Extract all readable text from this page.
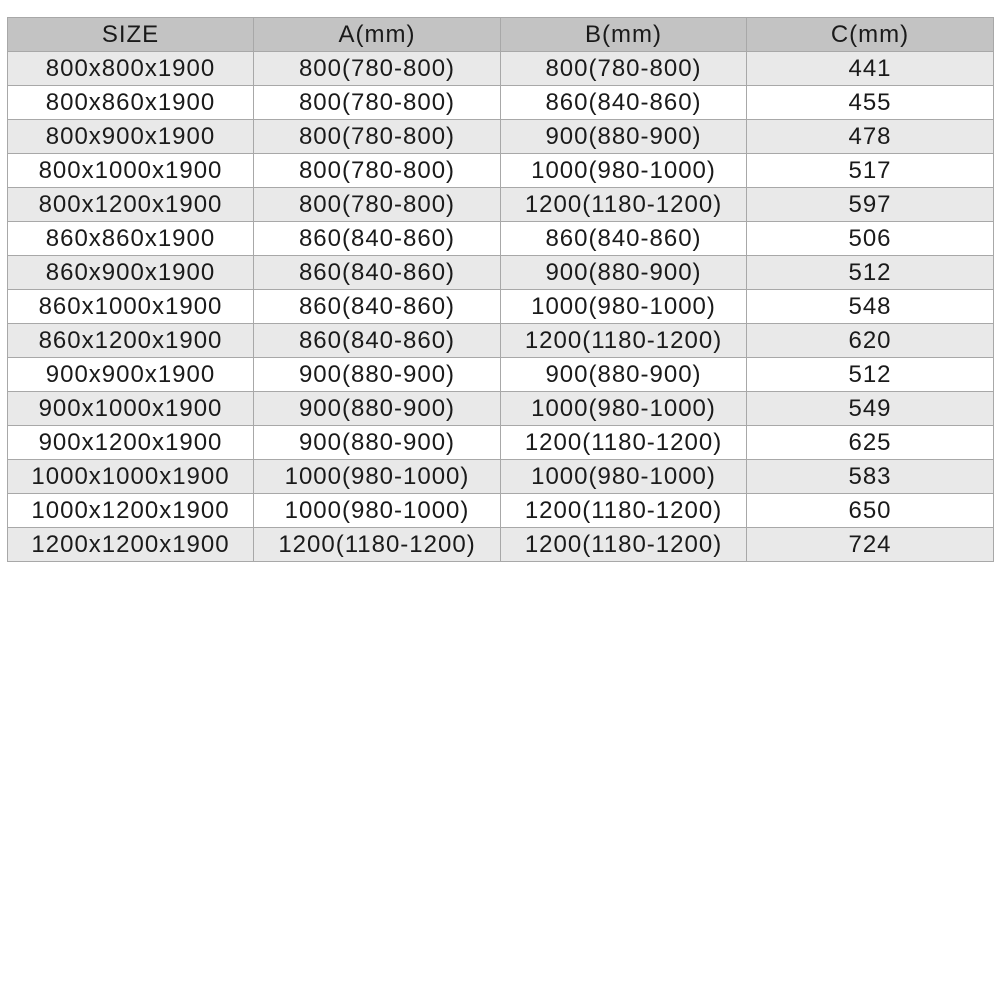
SIZE	A(mm)	B(mm)	C(mm)
800x800x1900	800(780-800)	800(780-800)	441
800x860x1900	800(780-800)	860(840-860)	455
800x900x1900	800(780-800)	900(880-900)	478
800x1000x1900	800(780-800)	1000(980-1000)	517
800x1200x1900	800(780-800)	1200(1180-1200)	597
860x860x1900	860(840-860)	860(840-860)	506
860x900x1900	860(840-860)	900(880-900)	512
860x1000x1900	860(840-860)	1000(980-1000)	548
860x1200x1900	860(840-860)	1200(1180-1200)	620
900x900x1900	900(880-900)	900(880-900)	512
900x1000x1900	900(880-900)	1000(980-1000)	549
900x1200x1900	900(880-900)	1200(1180-1200)	625
1000x1000x1900	1000(980-1000)	1000(980-1000)	583
1000x1200x1900	1000(980-1000)	1200(1180-1200)	650
1200x1200x1900	1200(1180-1200)	1200(1180-1200)	724
